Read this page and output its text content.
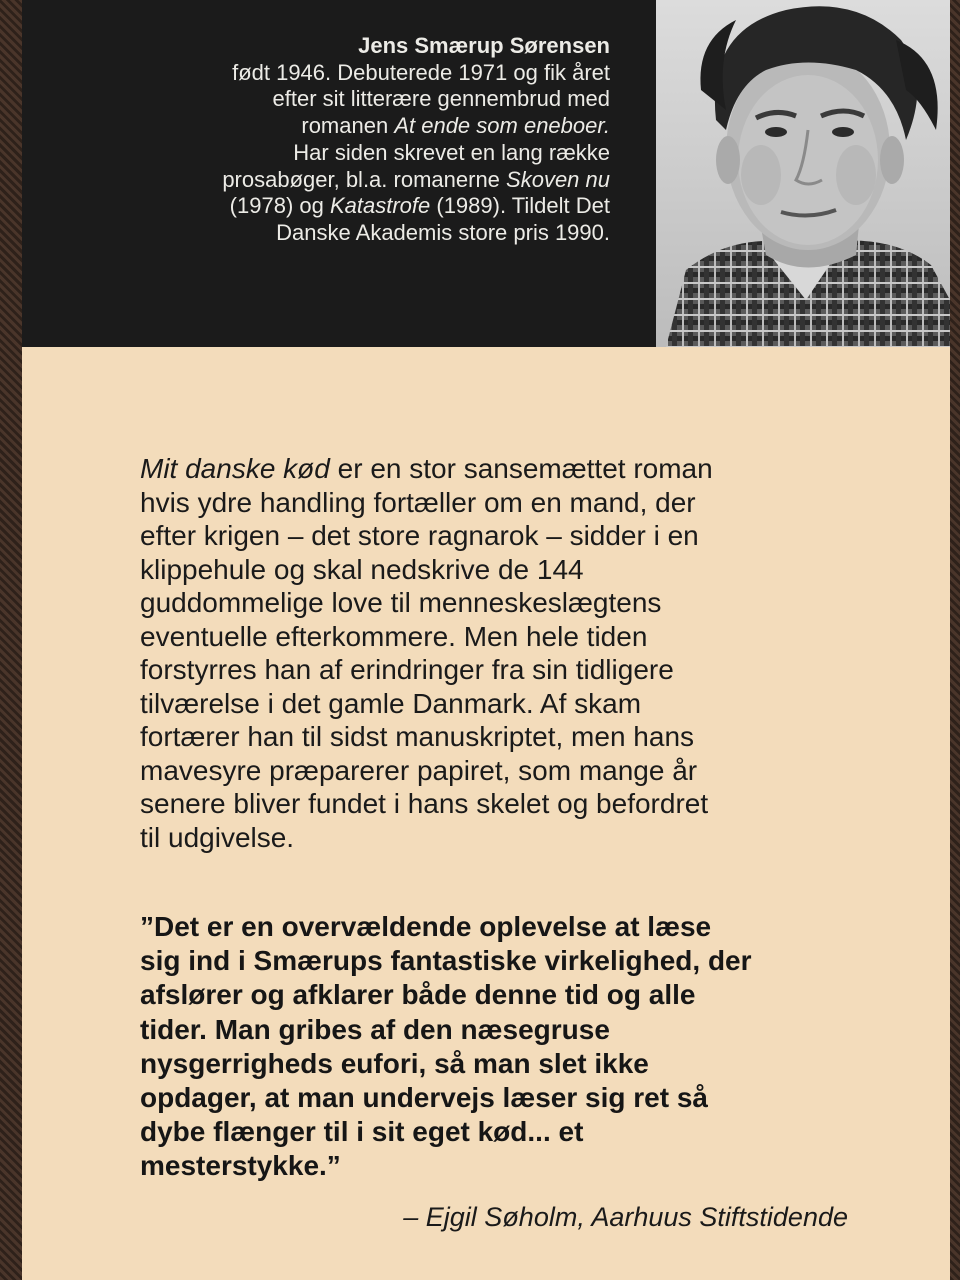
Jens Smærup Sørensen
født 1946. Debuterede 1971 og fik året
efter sit litterære gennembrud med
romanen At ende som eneboer.
Har siden skrevet en lang række
prosabøger, bl.a. romanerne Skoven nu
(1978) og Katastrofe (1989). Tildelt Det
Danske Akademis store pris 1990.
Mit danske kød er en stor sansemættet roman
hvis ydre handling fortæller om en mand, der
efter krigen – det store ragnarok – sidder i en
klippehule og skal nedskrive de 144
guddommelige love til menneskeslægtens
eventuelle efterkommere. Men hele tiden
forstyrres han af erindringer fra sin tidligere
tilværelse i det gamle Danmark. Af skam
fortærer han til sidst manuskriptet, men hans
mavesyre præparerer papiret, som mange år
senere bliver fundet i hans skelet og befordret
til udgivelse.
”Det er en overvældende oplevelse at læse
sig ind i Smærups fantastiske virkelighed, der
afslører og afklarer både denne tid og alle
tider. Man gribes af den næsegruse
nysgerrigheds eufori, så man slet ikke
opdager, at man undervejs læser sig ret så
dybe flænger til i sit eget kød... et
mesterstykke.”
– Ejgil Søholm, Aarhuus Stiftstidende
